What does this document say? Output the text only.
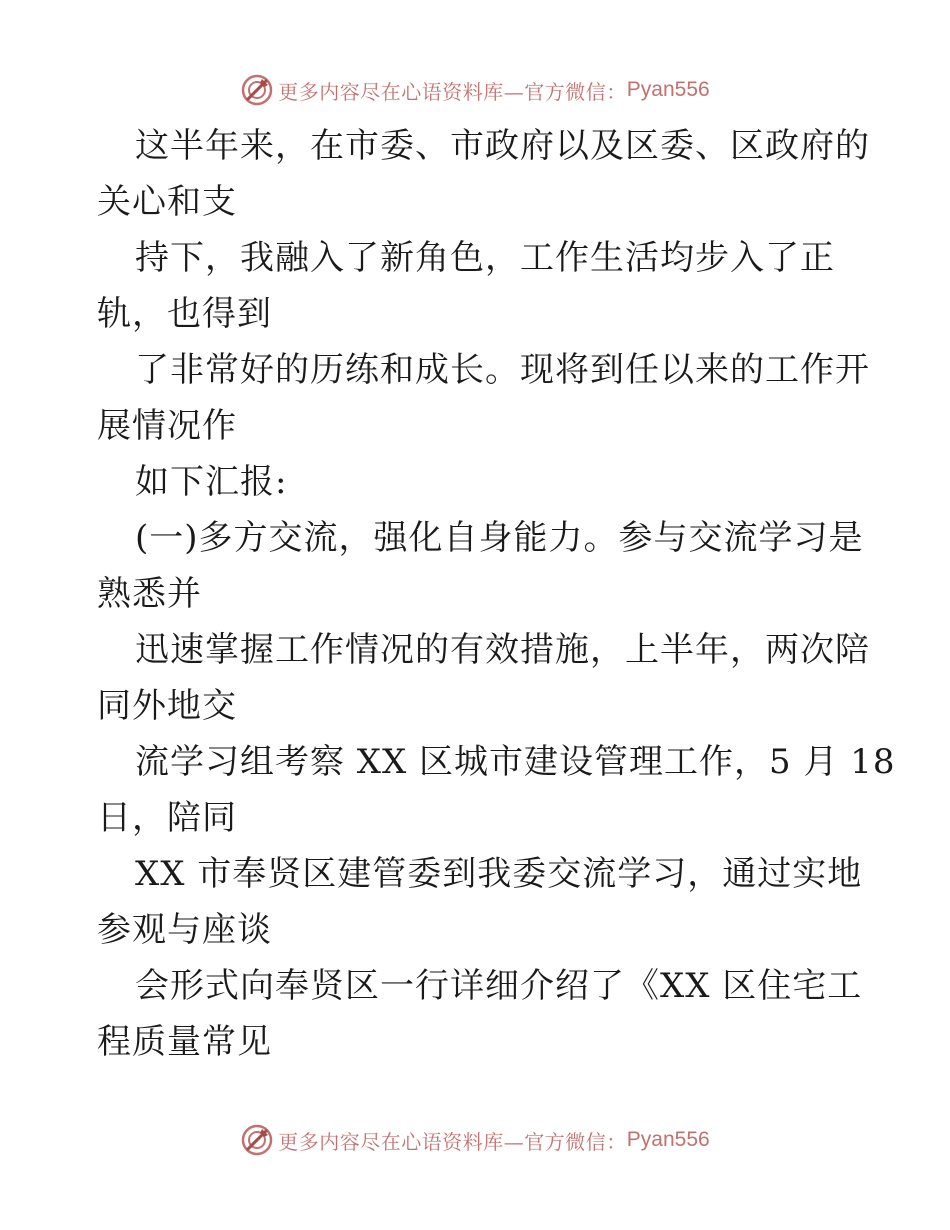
更多内容尽在心语资料库—官方微信： Pyan556
这半年来，在市委、市政府以及区委、区政府的
关心和支
持下，我融入了新角色，工作生活均步入了正
轨，也得到
了非常好的历练和成长。现将到任以来的工作开
展情况作
如下汇报:
(一)多方交流，强化自身能力。参与交流学习是
熟悉并
迅速掌握工作情况的有效措施，上半年，两次陪
同外地交
流学习组考察 XX 区城市建设管理工作，5 月 18
日，陪同
XX 市奉贤区建管委到我委交流学习，通过实地
参观与座谈
会形式向奉贤区一行详细介绍了《XX 区住宅工
程质量常见
更多内容尽在心语资料库—官方微信： Pyan556
